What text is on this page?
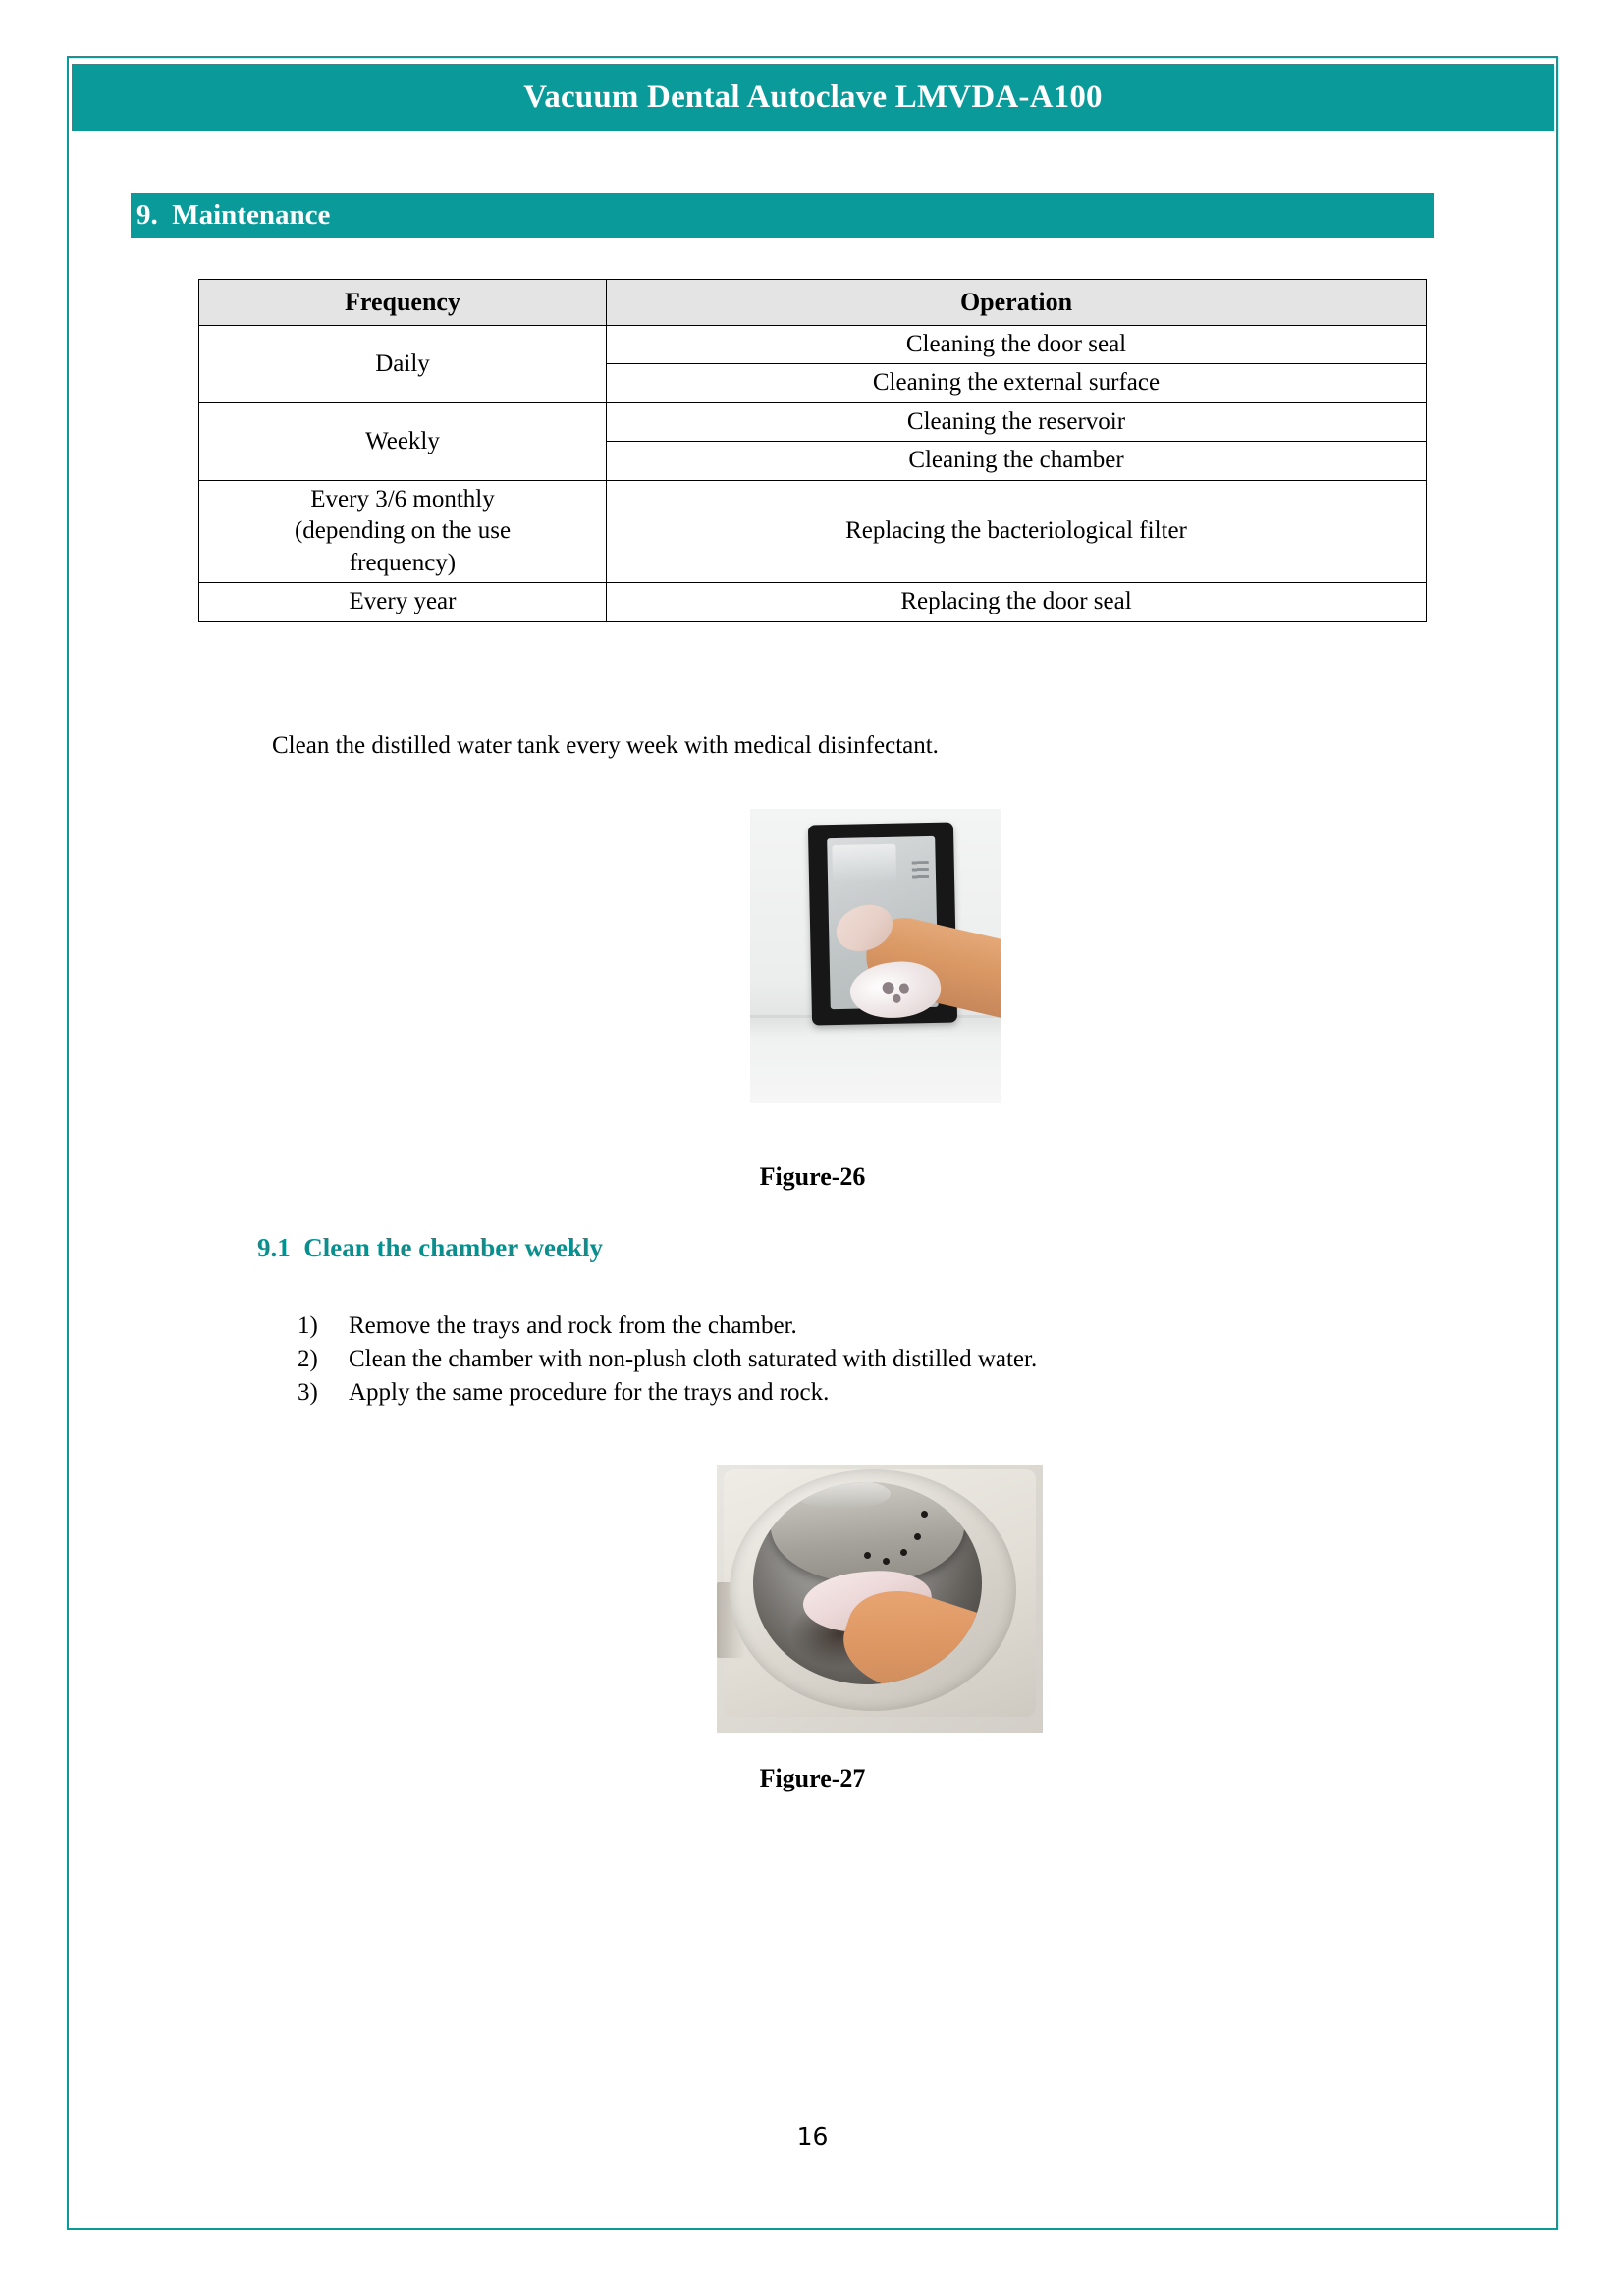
Vacuum Dental Autoclave LMVDA-A100
9.  Maintenance
Frequency	Operation
Daily	Cleaning the door seal
	Cleaning the external surface
Weekly	Cleaning the reservoir
	Cleaning the chamber

Every 3/6 monthly
(depending on the use
frequency)	Replacing the bacteriological filter
Every year	Replacing the door seal
Clean the distilled water tank every week with medical disinfectant.
Figure-26
9.1  Clean the chamber weekly
1)	Remove the trays and rock from the chamber.
2)	Clean the chamber with non-plush cloth saturated with distilled water.
3)	Apply the same procedure for the trays and rock.
Figure-27
16
